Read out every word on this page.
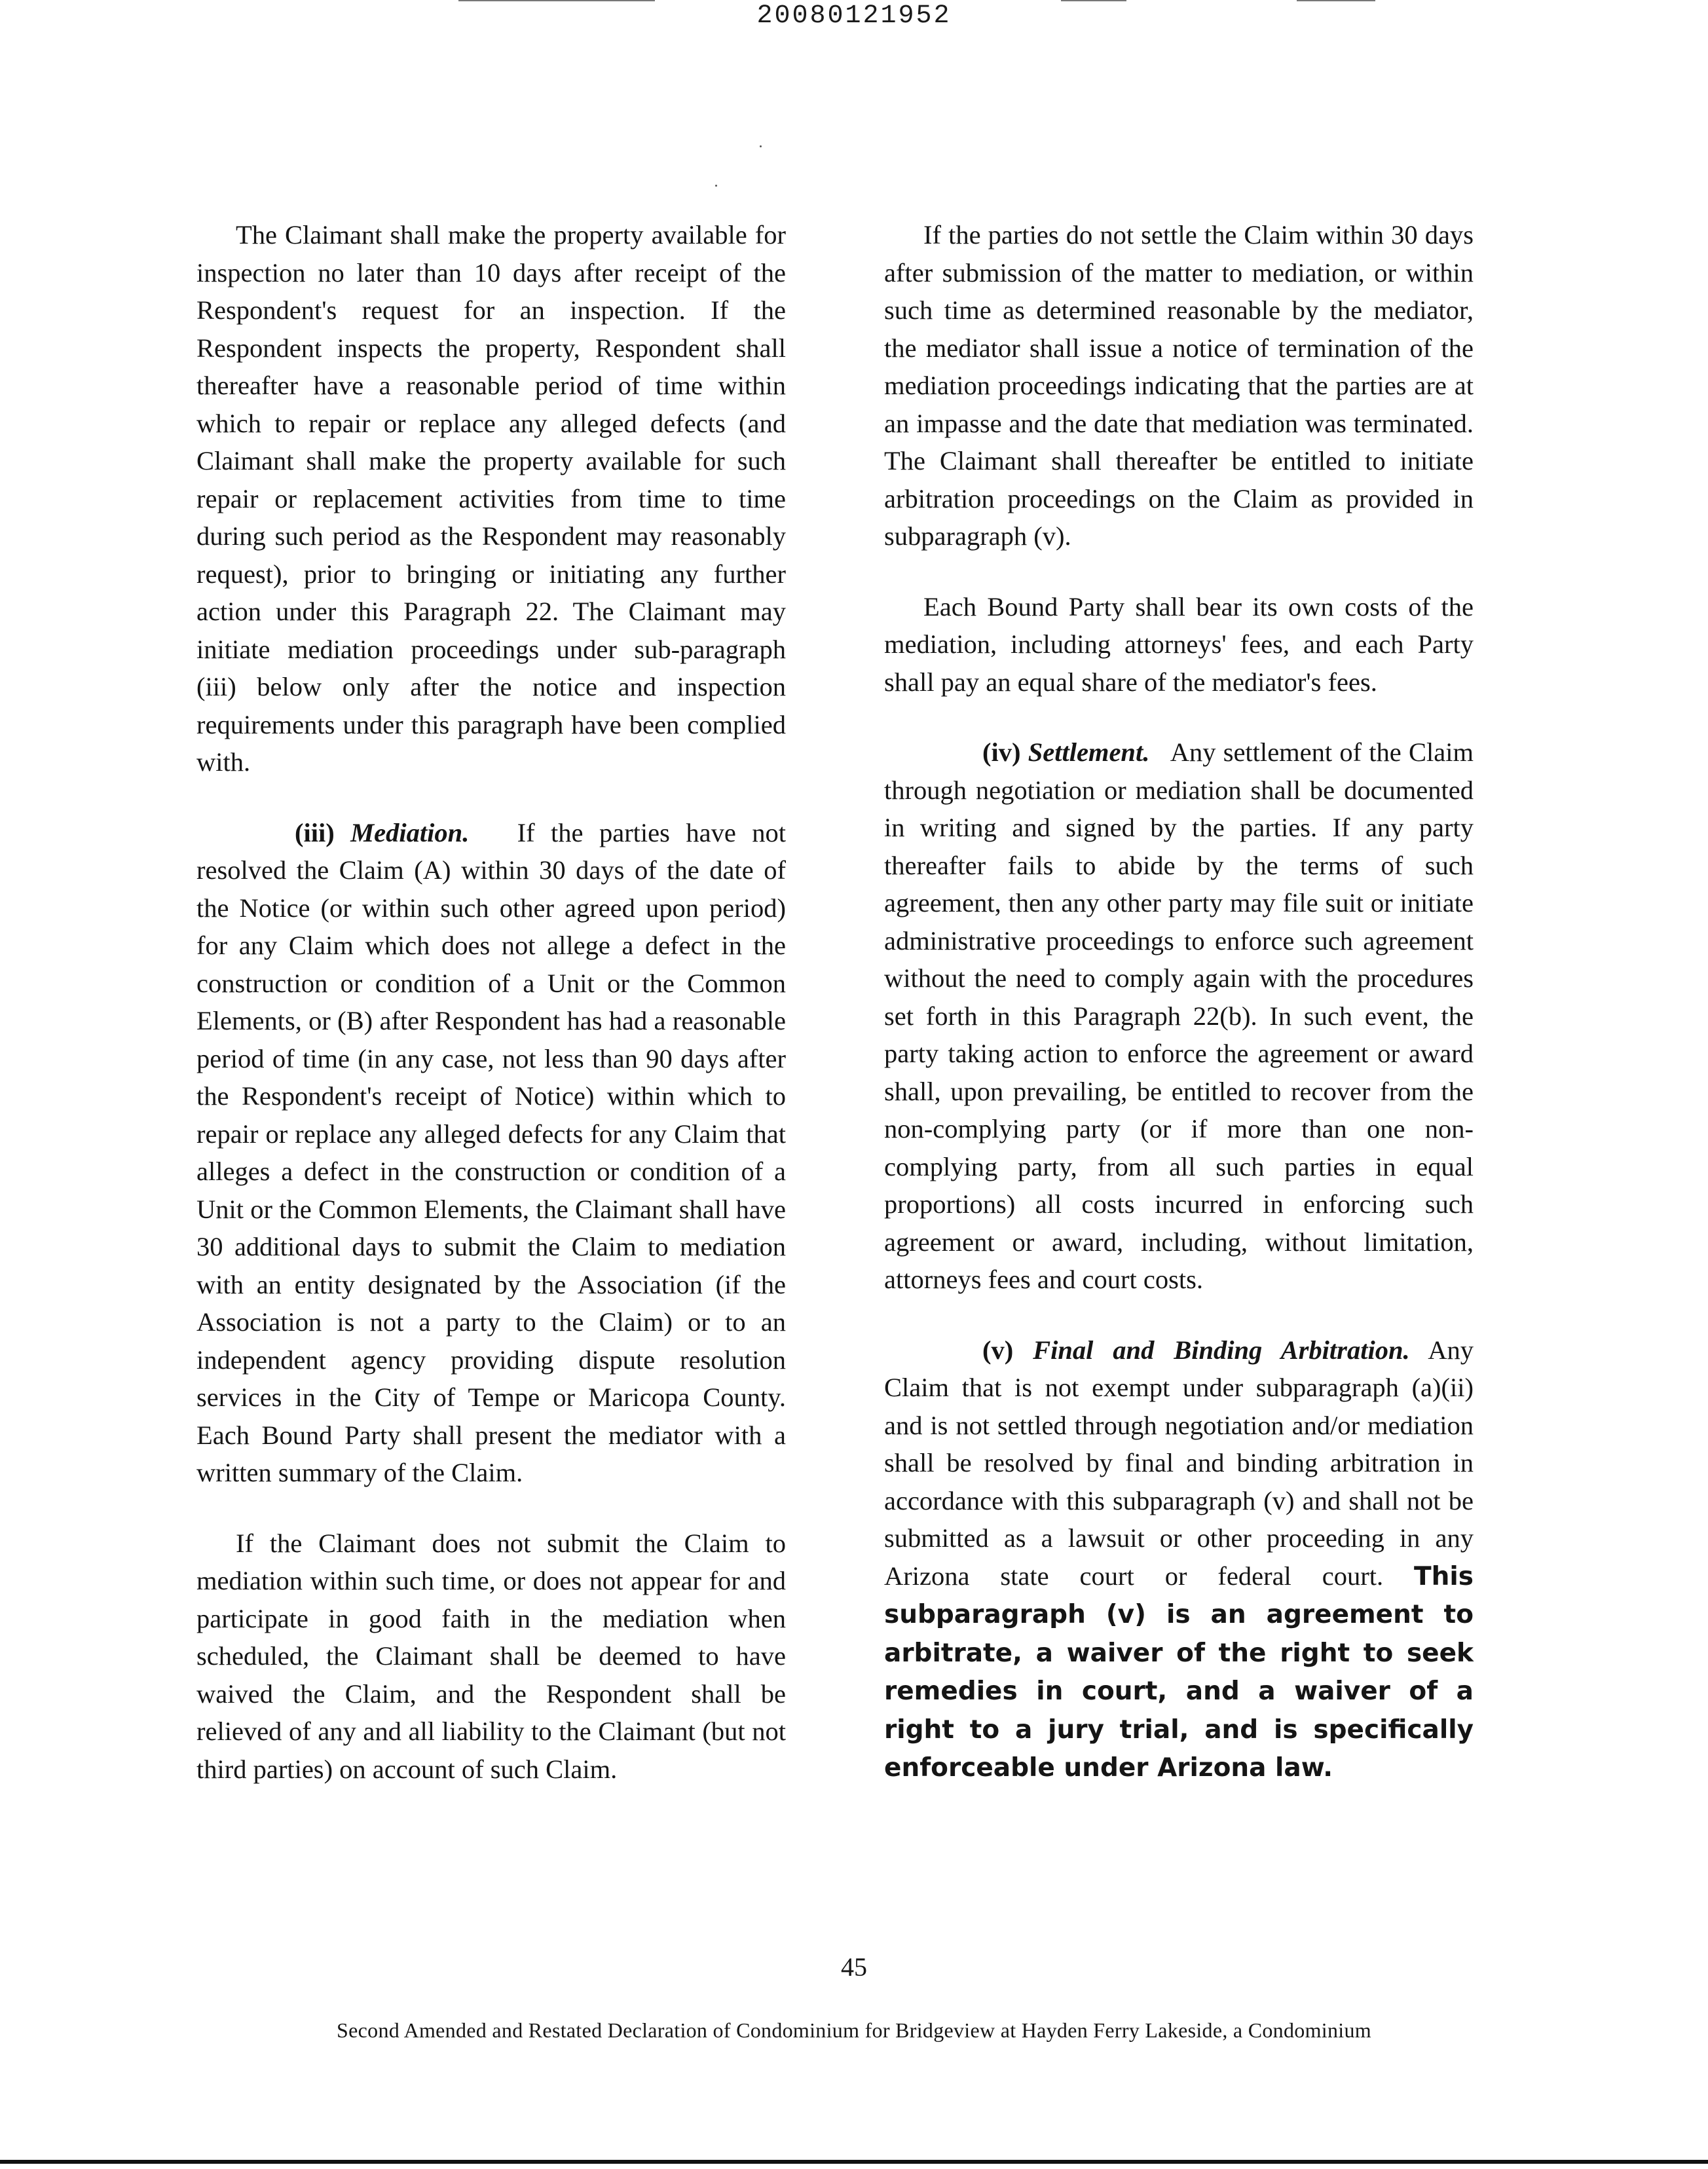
20080121952

The Claimant shall make the property available for inspection no later than 10 days after receipt of the Respondent's request for an inspection. If the Respondent inspects the property, Respondent shall thereafter have a reasonable period of time within which to repair or replace any alleged defects (and Claimant shall make the property available for such repair or replacement activities from time to time during such period as the Respondent may reasonably request), prior to bringing or initiating any further action under this Paragraph 22. The Claimant may initiate mediation proceedings under sub-paragraph (iii) below only after the notice and inspection requirements under this paragraph have been complied with.

(iii) Mediation. If the parties have not resolved the Claim (A) within 30 days of the date of the Notice (or within such other agreed upon period) for any Claim which does not allege a defect in the construction or condition of a Unit or the Common Elements, or (B) after Respondent has had a reasonable period of time (in any case, not less than 90 days after the Respondent's receipt of Notice) within which to repair or replace any alleged defects for any Claim that alleges a defect in the construction or condition of a Unit or the Common Elements, the Claimant shall have 30 additional days to submit the Claim to mediation with an entity designated by the Association (if the Association is not a party to the Claim) or to an independent agency providing dispute resolution services in the City of Tempe or Maricopa County. Each Bound Party shall present the mediator with a written summary of the Claim.

If the Claimant does not submit the Claim to mediation within such time, or does not appear for and participate in good faith in the mediation when scheduled, the Claimant shall be deemed to have waived the Claim, and the Respondent shall be relieved of any and all liability to the Claimant (but not third parties) on account of such Claim.

If the parties do not settle the Claim within 30 days after submission of the matter to mediation, or within such time as determined reasonable by the mediator, the mediator shall issue a notice of termination of the mediation proceedings indicating that the parties are at an impasse and the date that mediation was terminated. The Claimant shall thereafter be entitled to initiate arbitration proceedings on the Claim as provided in subparagraph (v).

Each Bound Party shall bear its own costs of the mediation, including attorneys' fees, and each Party shall pay an equal share of the mediator's fees.

(iv) Settlement. Any settlement of the Claim through negotiation or mediation shall be documented in writing and signed by the parties. If any party thereafter fails to abide by the terms of such agreement, then any other party may file suit or initiate administrative proceedings to enforce such agreement without the need to comply again with the procedures set forth in this Paragraph 22(b). In such event, the party taking action to enforce the agreement or award shall, upon prevailing, be entitled to recover from the non-complying party (or if more than one non-complying party, from all such parties in equal proportions) all costs incurred in enforcing such agreement or award, including, without limitation, attorneys fees and court costs.

(v) Final and Binding Arbitration. Any Claim that is not exempt under subparagraph (a)(ii) and is not settled through negotiation and/or mediation shall be resolved by final and binding arbitration in accordance with this subparagraph (v) and shall not be submitted as a lawsuit or other proceeding in any Arizona state court or federal court. This subparagraph (v) is an agreement to arbitrate, a waiver of the right to seek remedies in court, and a waiver of a right to a jury trial, and is specifically enforceable under Arizona law.

45
Second Amended and Restated Declaration of Condominium for Bridgeview at Hayden Ferry Lakeside, a Condominium
